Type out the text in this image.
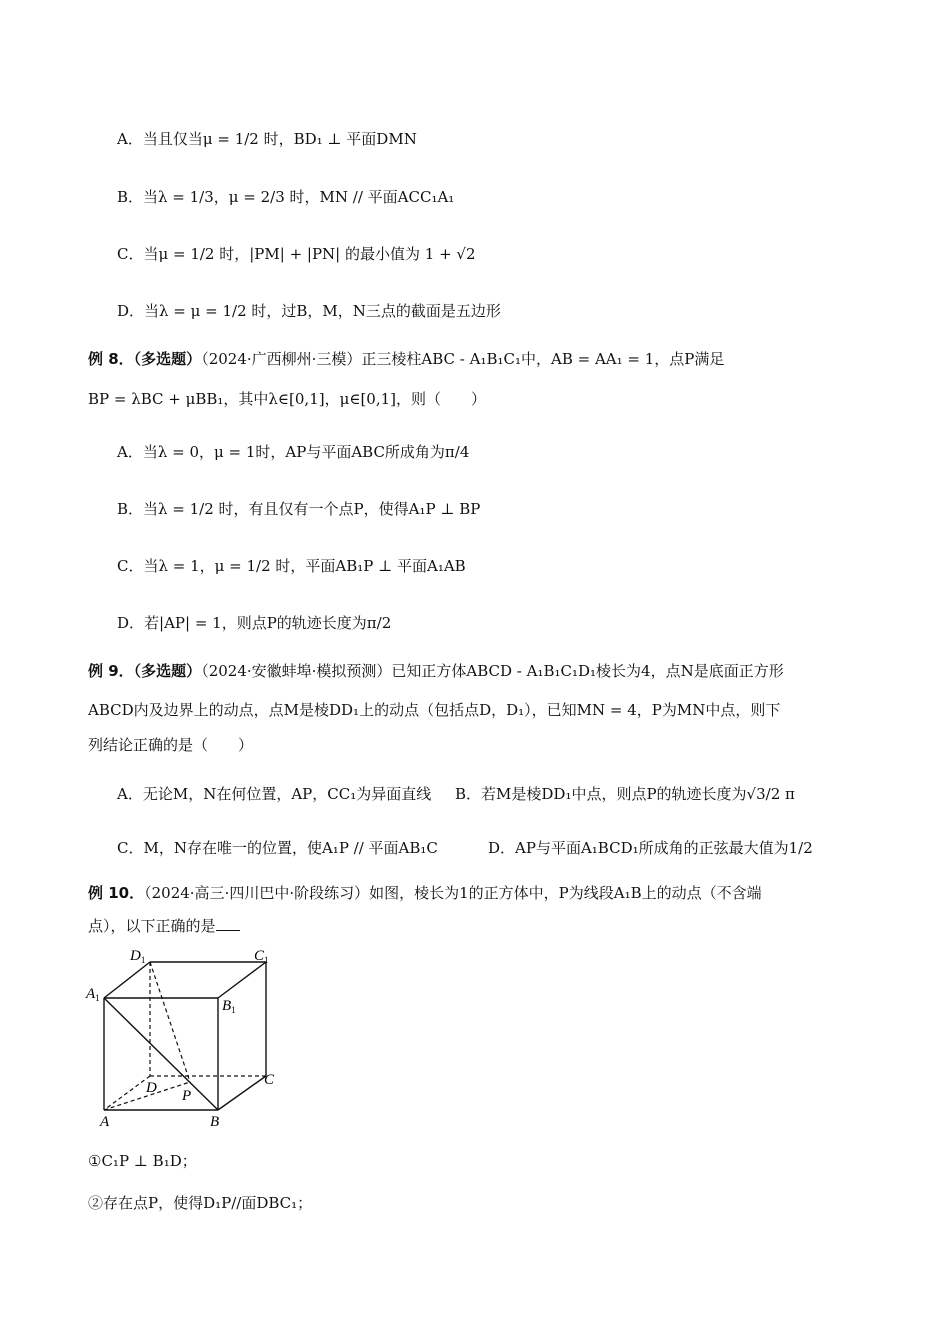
A．当且仅当μ = 1/2 时，BD₁ ⊥ 平面DMN
B．当λ = 1/3，μ = 2/3 时，MN // 平面ACC₁A₁
C．当μ = 1/2 时，|PM| + |PN| 的最小值为 1 + √2
D．当λ = μ = 1/2 时，过B，M，N三点的截面是五边形
例 8．（多选题）（2024·广西柳州·三模）正三棱柱ABC - A₁B₁C₁中，AB = AA₁ = 1，点P满足
BP = λBC + μBB₁，其中λ∈[0,1]，μ∈[0,1]，则（　　）
A．当λ = 0，μ = 1时，AP与平面ABC所成角为π/4
B．当λ = 1/2 时，有且仅有一个点P，使得A₁P ⊥ BP
C．当λ = 1，μ = 1/2 时，平面AB₁P ⊥ 平面A₁AB
D．若|AP| = 1，则点P的轨迹长度为π/2
例 9．（多选题）（2024·安徽蚌埠·模拟预测）已知正方体ABCD - A₁B₁C₁D₁棱长为4，点N是底面正方形
ABCD内及边界上的动点，点M是棱DD₁上的动点（包括点D，D₁），已知MN = 4，P为MN中点，则下
列结论正确的是（　　）
A．无论M，N在何位置，AP，CC₁为异面直线 B．若M是棱DD₁中点，则点P的轨迹长度为√3/2 π
C．M，N存在唯一的位置，使A₁P // 平面AB₁C	D．AP与平面A₁BCD₁所成角的正弦最大值为1/2
例 10．（2024·高三·四川巴中·阶段练习）如图，棱长为1的正方体中，P为线段A₁B上的动点（不含端
点），以下正确的是
$D_1$	$C_1$
$A_1$	$B_1$
D	C
A	B
P
①C₁P ⊥ B₁D；
②存在点P，使得D₁P//面DBC₁；
